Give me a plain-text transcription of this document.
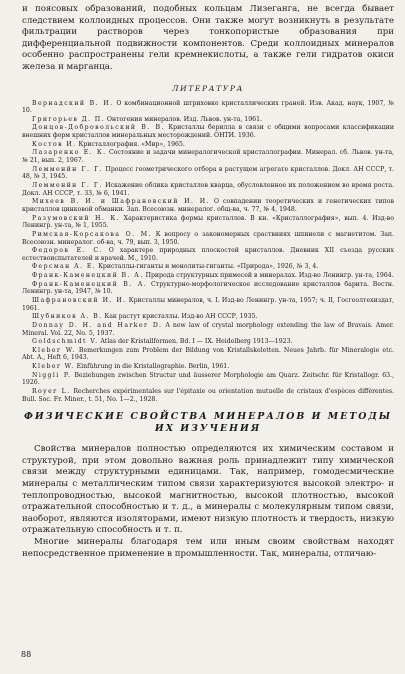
и поясовых образований, подобных кольцам Лизеганга, не всегда бывает следствием коллоидных процессов. Они также могут возникнуть в результате фильтрации растворов через тонкопористые образования при дифференциальной подвижности компонентов. Среди коллоидных минералов особенно распространены гели кремнекислоты, а также гели гидратов окиси железа и марганца.

ЛИТЕРАТУРА
Вернадский В. И. О комбинационной штриховке кристаллических граней. Изв. Акад. наук, 1907, № 10.
Григорьев Д. П. Онтогения минералов. Изд. Львов. ун-та, 1961.
Донцов-Добровольский В. В. Кристаллы берилла в связи с общими вопросами классификации внешних форм кристаллов минеральных месторождений. ОНТИ. 1936.
Костов И. Кристаллография. «Мир», 1965.
Лазаренко Е. К. Состояние и задачи минералогической кристаллографии. Минерал. сб. Львов. ун-та, № 21, вып. 2, 1967.
Лемменйн Г. Г. Процесс геометрического отбора в растущем агрегате кристаллов. Докл. АН СССР, т. 48, № 3, 1945.
Лемменйн Г. Г. Искажение облика кристаллов кварца, обусловленное их положением во время роста. Докл. АН СССР, т. 33, № 6, 1941.
Михеев В. И. и Шафрановский И. И. О совпадении теоретических и генетических типов кристаллов цинковой обманки. Зап. Всесоюзн. минералог. общ-ва, ч. 77, № 4, 1948.
Разумовский Н. К. Характеристика формы кристаллов. В кн. «Кристаллография», вып. 4. Изд-во Ленингр. ун-та, № 1, 1955.
Римская-Корсакова О. М. К вопросу о закономерных сраствниях шпинели с магнетитом. Зап. Всесоюзн. минералог. об-ва, ч. 79, вып. 3, 1950.
Федоров Е. С. О характере природных плоскостей кристаллов. Дневник XII съезда русских естествоиспытателей и врачей. М., 1910.
Ферсман А. Е. Кристаллы-гиганты и монолиты-гиганты. «Природа», 1926, № 3, 4.
Франк-Каменецкий В. А. Природа структурных примесей в минералах. Изд-во Ленингр. ун-та, 1964.
Франк-Каменецкий В. А. Структурно-морфологическое исследование кристаллов барита. Вестн. Ленингр. ун-та, 1947, № 10.
Шафрановский И. И. Кристаллы минералов, ч. I. Изд-во Ленингр. ун-та, 1957; ч. II, Госгеолтехиздат, 1961.
Шубников А. В. Как растут кристаллы. Изд-во АН СССР, 1935.
Donnay D. H. and Harker D. A new law of crystal morphology extending the law of Bravais. Amer. Mineral. Vol. 22, No. 5, 1937.
Goldschmidt V. Atlas der Kristallformen. Bd. I — IX. Heidelberg 1913—1923.
Kleber W. Bemerkungen zum Problem der Bildung von Kristallskeletten. Neues Jahrb. für Mineralogie etc. Abt. A., Heft 6, 1943.
Kleber W. Einführung in die Kristallographie. Berlin, 1961.
Niggli P. Beziehungen zwischen Structur und äusserer Morphologie am Quarz. Zeitschr. für Kristallogr. 63., 1926.
Royer L. Recherches expérimentales sur l'épitaxie ou orientation mutuelle de cristaux d'espèces différentes. Bull. Soc. Fr. Miner., t. 51, No. 1—2., 1928.
ФИЗИЧЕСКИЕ СВОЙСТВА МИНЕРАЛОВ И МЕТОДЫ ИХ ИЗУЧЕНИЯ

Свойства минералов полностью определяются их химическим составом и структурой, при этом довольно важная роль принадлежит типу химической связи между структурными единицами. Так, например, гомодесмические минералы с металлическим типом связи характеризуются высокой электро- и теплопроводностью, высокой магнитностью, высокой плотностью, высокой отражательной способностью и т. д., а минералы с молекулярным типом связи, наоборот, являются изоляторами, имеют низкую плотность и твердость, низкую отражательную способность и т. п.

Многие минералы благодаря тем или иным своим свойствам находят непосредственное применение в промышленности. Так, минералы, отличаю-

88
